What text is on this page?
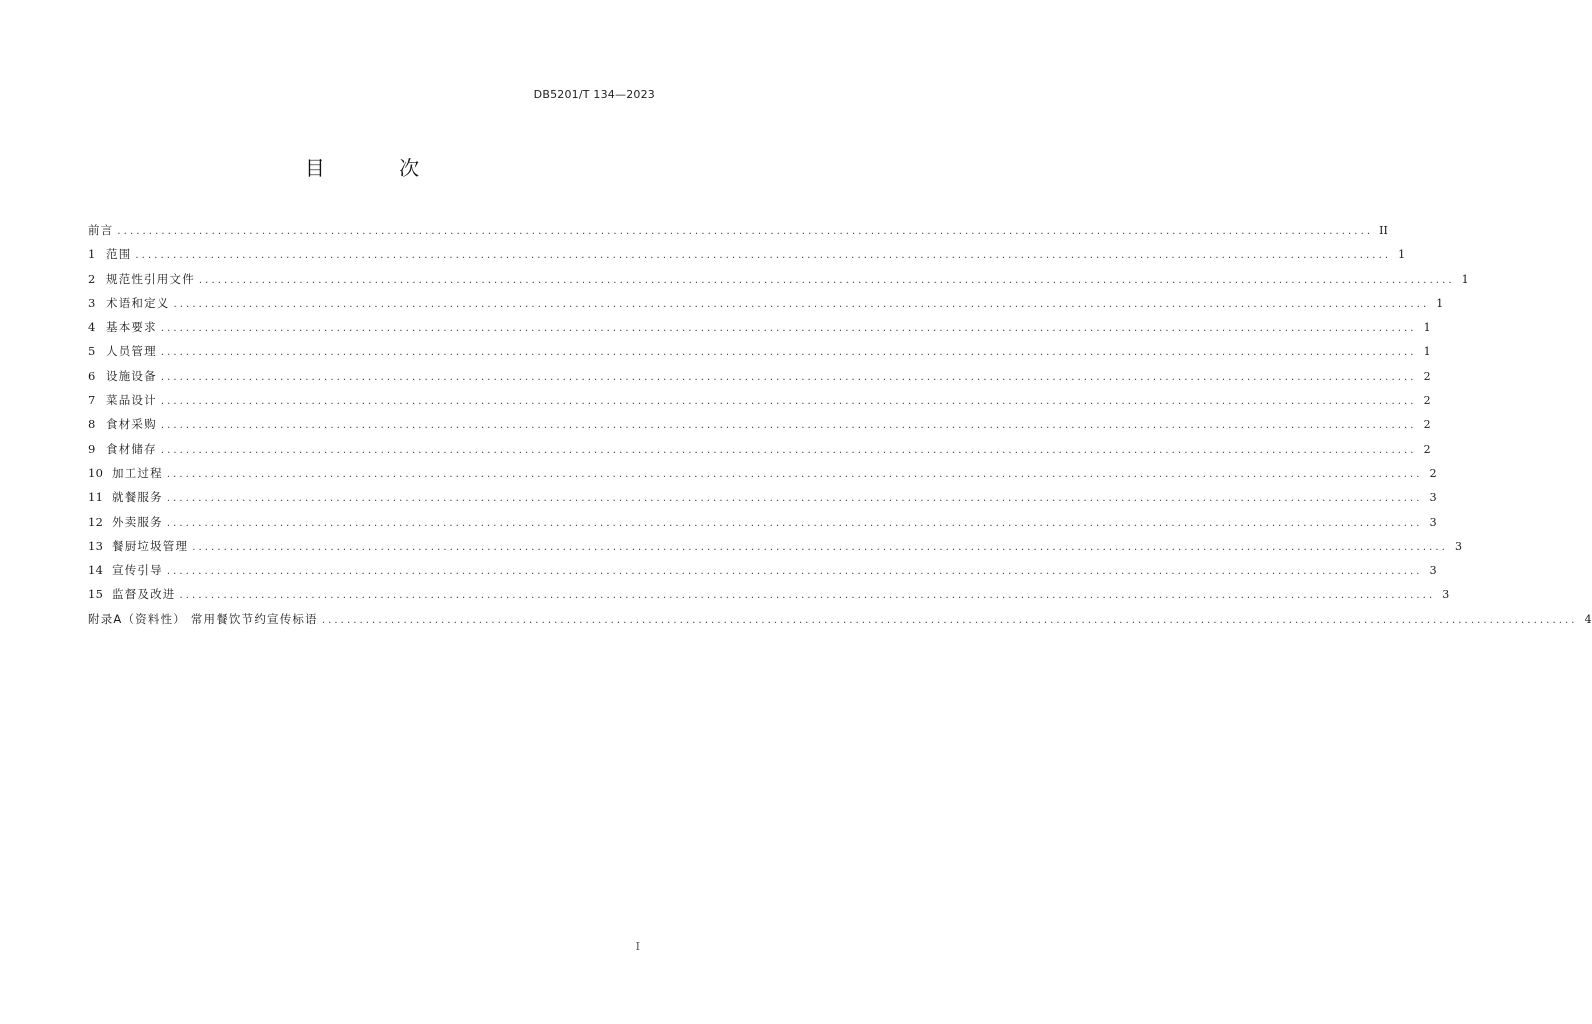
DB5201/T 134—2023
目 次
前言 ........................................................................................................................................................................................................ II
1 范围 ........................................................................................................................................................................................................ 1
2 规范性引用文件 ........................................................................................................................................................................................................ 1
3 术语和定义 ........................................................................................................................................................................................................ 1
4 基本要求 ........................................................................................................................................................................................................ 1
5 人员管理 ........................................................................................................................................................................................................ 1
6 设施设备 ........................................................................................................................................................................................................ 2
7 菜品设计 ........................................................................................................................................................................................................ 2
8 食材采购 ........................................................................................................................................................................................................ 2
9 食材储存 ........................................................................................................................................................................................................ 2
10 加工过程 ........................................................................................................................................................................................................ 2
11 就餐服务 ........................................................................................................................................................................................................ 3
12 外卖服务 ........................................................................................................................................................................................................ 3
13 餐厨垃圾管理 ........................................................................................................................................................................................................ 3
14 宣传引导 ........................................................................................................................................................................................................ 3
15 监督及改进 ........................................................................................................................................................................................................ 3
附录A（资料性） 常用餐饮节约宣传标语 ........................................................................................................................................................................................................ 4
I
